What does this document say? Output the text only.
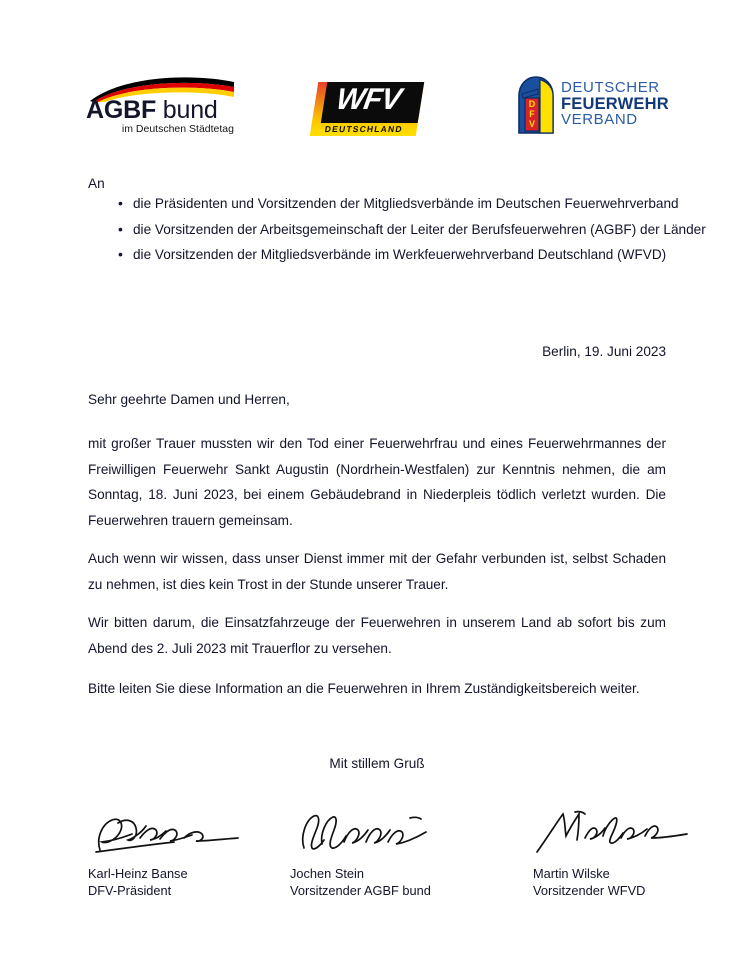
AGBF bund
im Deutschen Städtetag
WFV
DEUTSCHLAND
D
F
V
DEUTSCHER
FEUERWEHR
VERBAND
An
• die Präsidenten und Vorsitzenden der Mitgliedsverbände im Deutschen Feuerwehrverband
• die Vorsitzenden der Arbeitsgemeinschaft der Leiter der Berufsfeuerwehren (AGBF) der Länder
• die Vorsitzenden der Mitgliedsverbände im Werkfeuerwehrverband Deutschland (WFVD)
Berlin, 19. Juni 2023
Sehr geehrte Damen und Herren,
mit großer Trauer mussten wir den Tod einer Feuerwehrfrau und eines Feuerwehrmannes der Freiwilligen Feuerwehr Sankt Augustin (Nordrhein-Westfalen) zur Kenntnis nehmen, die am Sonntag, 18. Juni 2023, bei einem Gebäudebrand in Niederpleis tödlich verletzt wurden. Die Feuerwehren trauern gemeinsam.
Auch wenn wir wissen, dass unser Dienst immer mit der Gefahr verbunden ist, selbst Schaden zu nehmen, ist dies kein Trost in der Stunde unserer Trauer.
Wir bitten darum, die Einsatzfahrzeuge der Feuerwehren in unserem Land ab sofort bis zum Abend des 2. Juli 2023 mit Trauerflor zu versehen.
Bitte leiten Sie diese Information an die Feuerwehren in Ihrem Zuständigkeitsbereich weiter.
Mit stillem Gruß
Karl-Heinz Banse
DFV-Präsident
Jochen Stein
Vorsitzender AGBF bund
Martin Wilske
Vorsitzender WFVD
